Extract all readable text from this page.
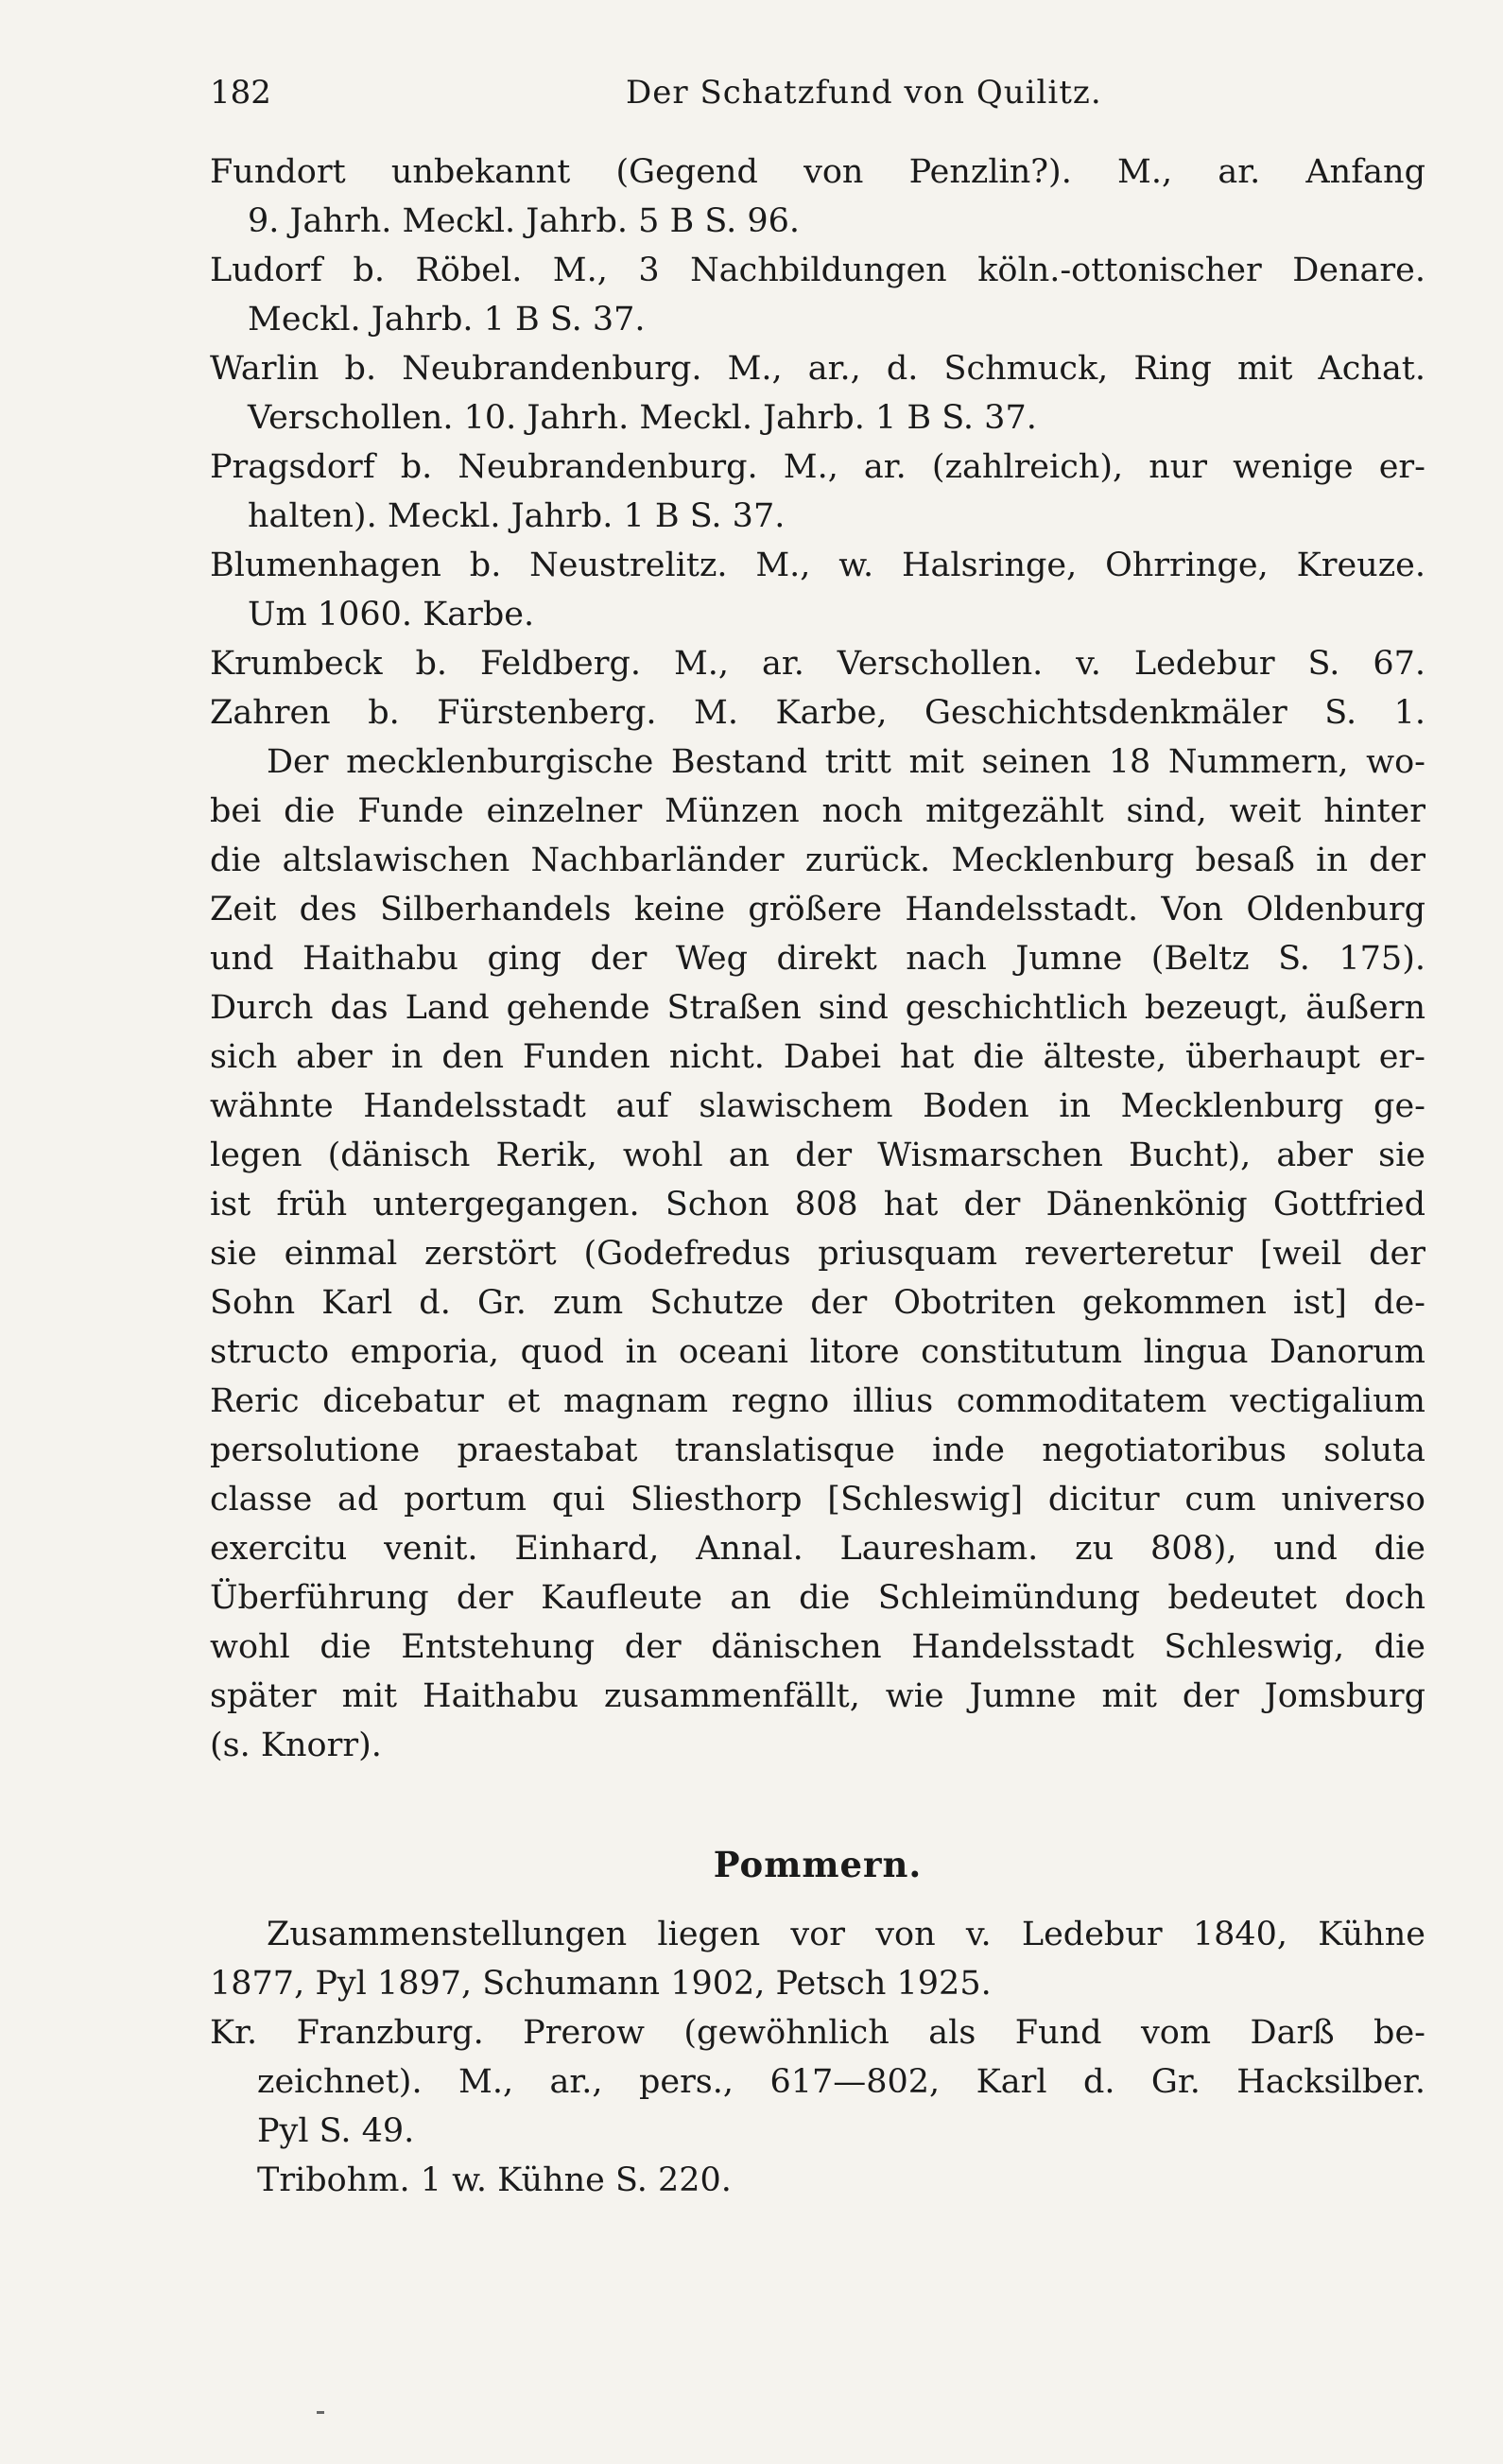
182	Der Schatzfund von Quilitz.
Fundort unbekannt (Gegend von Penzlin?). M., ar. Anfang
9. Jahrh. Meckl. Jahrb. 5 B S. 96.
Ludorf b. Röbel. M., 3 Nachbildungen köln.-ottonischer Denare.
Meckl. Jahrb. 1 B S. 37.
Warlin b. Neubrandenburg. M., ar., d. Schmuck, Ring mit Achat.
Verschollen. 10. Jahrh. Meckl. Jahrb. 1 B S. 37.
Pragsdorf b. Neubrandenburg. M., ar. (zahlreich), nur wenige er-
halten). Meckl. Jahrb. 1 B S. 37.
Blumenhagen b. Neustrelitz. M., w. Halsringe, Ohrringe, Kreuze.
Um 1060. Karbe.
Krumbeck b. Feldberg. M., ar. Verschollen. v. Ledebur S. 67.
Zahren b. Fürstenberg. M. Karbe, Geschichtsdenkmäler S. 1.
Der mecklenburgische Bestand tritt mit seinen 18 Nummern, wo-
bei die Funde einzelner Münzen noch mitgezählt sind, weit hinter
die altslawischen Nachbarländer zurück. Mecklenburg besaß in der
Zeit des Silberhandels keine größere Handelsstadt. Von Oldenburg
und Haithabu ging der Weg direkt nach Jumne (Beltz S. 175).
Durch das Land gehende Straßen sind geschichtlich bezeugt, äußern
sich aber in den Funden nicht. Dabei hat die älteste, überhaupt er-
wähnte Handelsstadt auf slawischem Boden in Mecklenburg ge-
legen (dänisch Rerik, wohl an der Wismarschen Bucht), aber sie
ist früh untergegangen. Schon 808 hat der Dänenkönig Gottfried
sie einmal zerstört (Godefredus priusquam reverteretur [weil der
Sohn Karl d. Gr. zum Schutze der Obotriten gekommen ist] de-
structo emporia, quod in oceani litore constitutum lingua Danorum
Reric dicebatur et magnam regno illius commoditatem vectigalium
persolutione praestabat translatisque inde negotiatoribus soluta
classe ad portum qui Sliesthorp [Schleswig] dicitur cum universo
exercitu venit. Einhard, Annal. Lauresham. zu 808), und die
Überführung der Kaufleute an die Schleimündung bedeutet doch
wohl die Entstehung der dänischen Handelsstadt Schleswig, die
später mit Haithabu zusammenfällt, wie Jumne mit der Jomsburg
(s. Knorr).
Pommern.
Zusammenstellungen liegen vor von v. Ledebur 1840, Kühne
1877, Pyl 1897, Schumann 1902, Petsch 1925.
Kr. Franzburg. Prerow (gewöhnlich als Fund vom Darß be-
zeichnet). M., ar., pers., 617—802, Karl d. Gr. Hacksilber.
Pyl S. 49.
Tribohm. 1 w. Kühne S. 220.
